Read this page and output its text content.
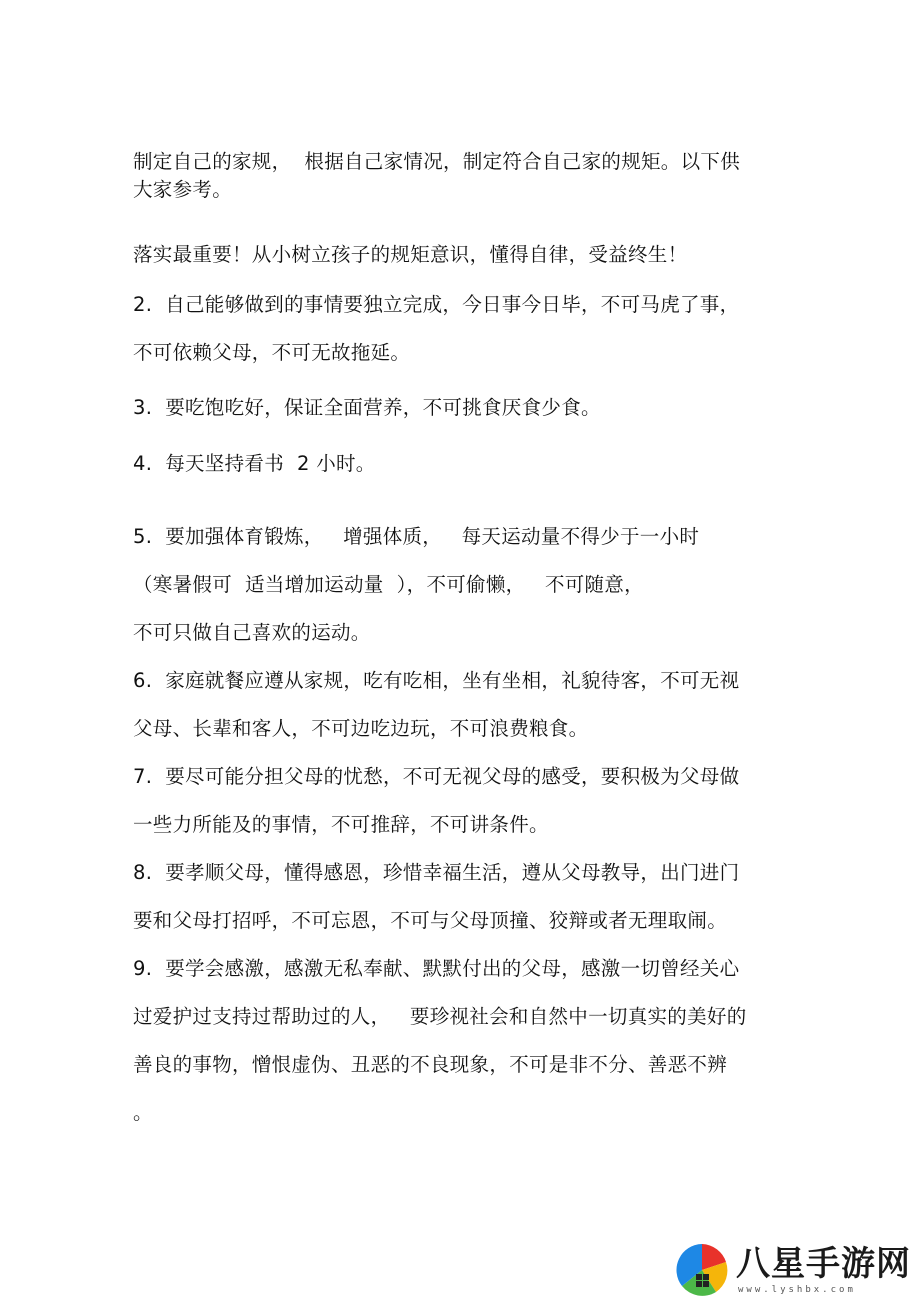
制定自己的家规，  根据自己家情况，制定符合自己家的规矩。以下供
大家参考。
落实最重要！从小树立孩子的规矩意识，懂得自律，受益终生！
2.  自己能够做到的事情要独立完成，今日事今日毕，不可马虎了事，
不可依赖父母，不可无故拖延。
3.  要吃饱吃好，保证全面营养，不可挑食厌食少食。
4.  每天坚持看书  2 小时。
5.  要加强体育锻炼，   增强体质，   每天运动量不得少于一小时
（寒暑假可  适当增加运动量  ），不可偷懒，   不可随意，
不可只做自己喜欢的运动。
6.  家庭就餐应遵从家规，吃有吃相，坐有坐相，礼貌待客，不可无视
父母、长辈和客人，不可边吃边玩，不可浪费粮食。
7.  要尽可能分担父母的忧愁，不可无视父母的感受，要积极为父母做
一些力所能及的事情，不可推辞，不可讲条件。
8.  要孝顺父母，懂得感恩，珍惜幸福生活，遵从父母教导，出门进门
要和父母打招呼，不可忘恩，不可与父母顶撞、狡辩或者无理取闹。
9.  要学会感激，感激无私奉献、默默付出的父母，感激一切曾经关心
过爱护过支持过帮助过的人，   要珍视社会和自然中一切真实的美好的
善良的事物，憎恨虚伪、丑恶的不良现象，不可是非不分、善恶不辨
。
八星手游网
www.lyshbx.com
